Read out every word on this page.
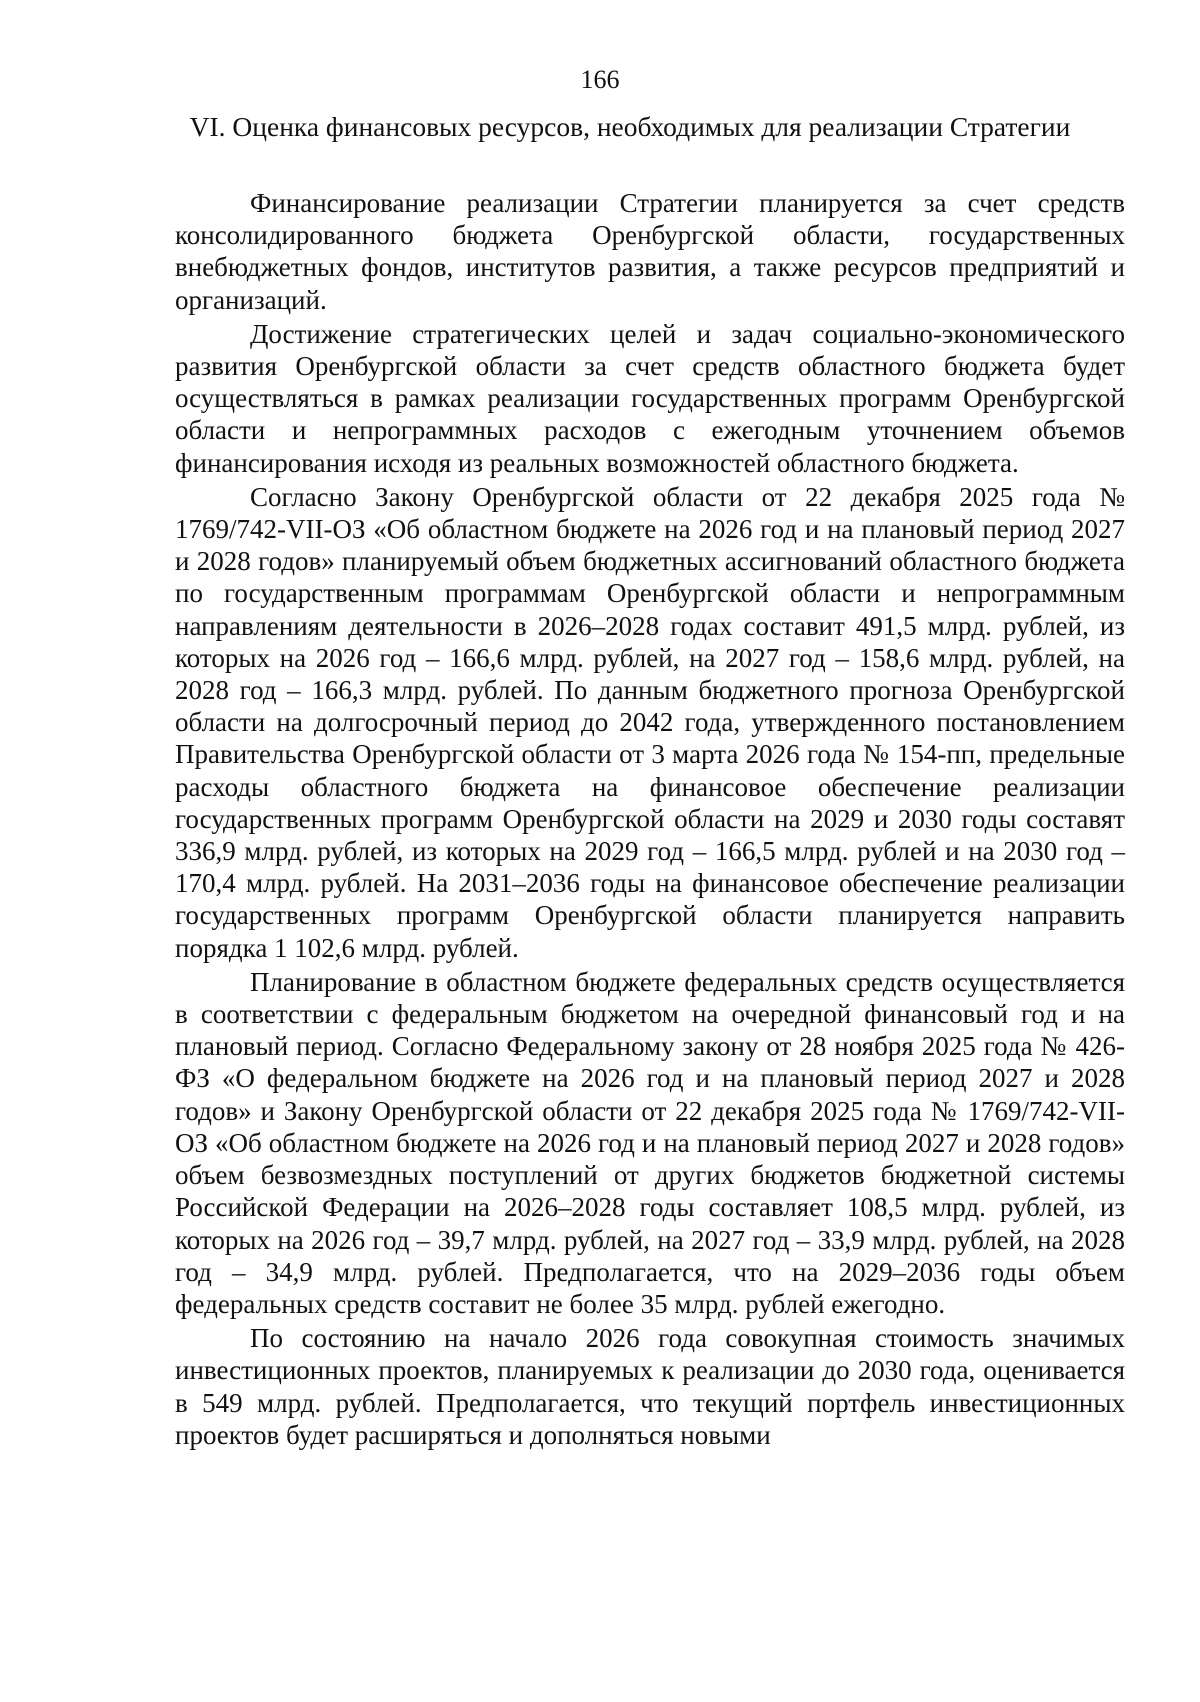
166
VI. Оценка финансовых ресурсов, необходимых для реализации Стратегии

Финансирование реализации Стратегии планируется за счет средств консолидированного бюджета Оренбургской области, государственных внебюджетных фондов, институтов развития, а также ресурсов предприятий и организаций.

Достижение стратегических целей и задач социально-экономического развития Оренбургской области за счет средств областного бюджета будет осуществляться в рамках реализации государственных программ Оренбургской области и непрограммных расходов с ежегодным уточнением объемов финансирования исходя из реальных возможностей областного бюджета.

Согласно Закону Оренбургской области от 22 декабря 2025 года № 1769/742-VII-ОЗ «Об областном бюджете на 2026 год и на плановый период 2027 и 2028 годов» планируемый объем бюджетных ассигнований областного бюджета по государственным программам Оренбургской области и непрограммным направлениям деятельности в 2026–2028 годах составит 491,5 млрд. рублей, из которых на 2026 год – 166,6 млрд. рублей, на 2027 год – 158,6 млрд. рублей, на 2028 год – 166,3 млрд. рублей. По данным бюджетного прогноза Оренбургской области на долгосрочный период до 2042 года, утвержденного постановлением Правительства Оренбургской области от 3 марта 2026 года № 154-пп, предельные расходы областного бюджета на финансовое обеспечение реализации государственных программ Оренбургской области на 2029 и 2030 годы составят 336,9 млрд. рублей, из которых на 2029 год – 166,5 млрд. рублей и на 2030 год – 170,4 млрд. рублей. На 2031–2036 годы на финансовое обеспечение реализации государственных программ Оренбургской области планируется направить порядка 1 102,6 млрд. рублей.

Планирование в областном бюджете федеральных средств осуществляется в соответствии с федеральным бюджетом на очередной финансовый год и на плановый период. Согласно Федеральному закону от 28 ноября 2025 года № 426-ФЗ «О федеральном бюджете на 2026 год и на плановый период 2027 и 2028 годов» и Закону Оренбургской области от 22 декабря 2025 года № 1769/742-VII-ОЗ «Об областном бюджете на 2026 год и на плановый период 2027 и 2028 годов» объем безвозмездных поступлений от других бюджетов бюджетной системы Российской Федерации на 2026–2028 годы составляет 108,5 млрд. рублей, из которых на 2026 год – 39,7 млрд. рублей, на 2027 год – 33,9 млрд. рублей, на 2028 год – 34,9 млрд. рублей. Предполагается, что на 2029–2036 годы объем федеральных средств составит не более 35 млрд. рублей ежегодно.

По состоянию на начало 2026 года совокупная стоимость значимых инвестиционных проектов, планируемых к реализации до 2030 года, оценивается в 549 млрд. рублей. Предполагается, что текущий портфель инвестиционных проектов будет расширяться и дополняться новыми
